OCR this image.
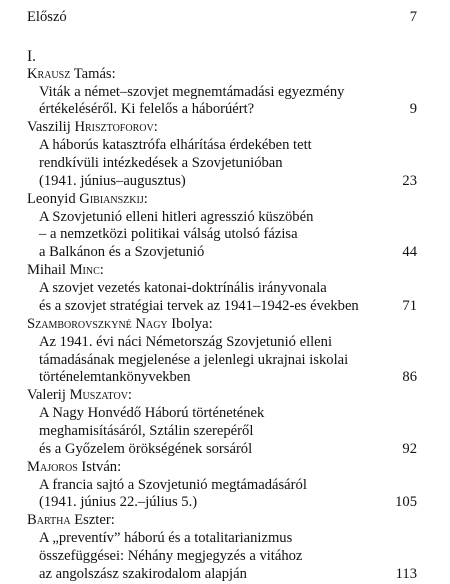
Előszó	7
I.
Krausz Tamás:
Viták a német–szovjet megnemtámadási egyezmény
értékeléséről. Ki felelős a háborúért?	9
Vaszilij Hrisztoforov:
A háborús katasztrófa elhárítása érdekében tett
rendkívüli intézkedések a Szovjetunióban
(1941. június–augusztus)	23
Leonyid Gibianszkij:
A Szovjetunió elleni hitleri agresszió küszöbén
– a nemzetközi politikai válság utolsó fázisa
a Balkánon és a Szovjetunió	44
Mihail Minc:
A szovjet vezetés katonai-doktrínális irányvonala
és a szovjet stratégiai tervek az 1941–1942-es években	71
Szamborovszkyné Nagy Ibolya:
Az 1941. évi náci Németország Szovjetunió elleni
támadásának megjelenése a jelenlegi ukrajnai iskolai
történelemtankönyvekben	86
Valerij Muszatov:
A Nagy Honvédő Háború történetének
meghamisításáról, Sztálin szerepéről
és a Győzelem örökségének sorsáról	92
Majoros István:
A francia sajtó a Szovjetunió megtámadásáról
(1941. június 22.–július 5.)	105
Bartha Eszter:
A „preventív” háború és a totalitarianizmus
összefüggései: Néhány megjegyzés a vitához
az angolszász szakirodalom alapján	113
